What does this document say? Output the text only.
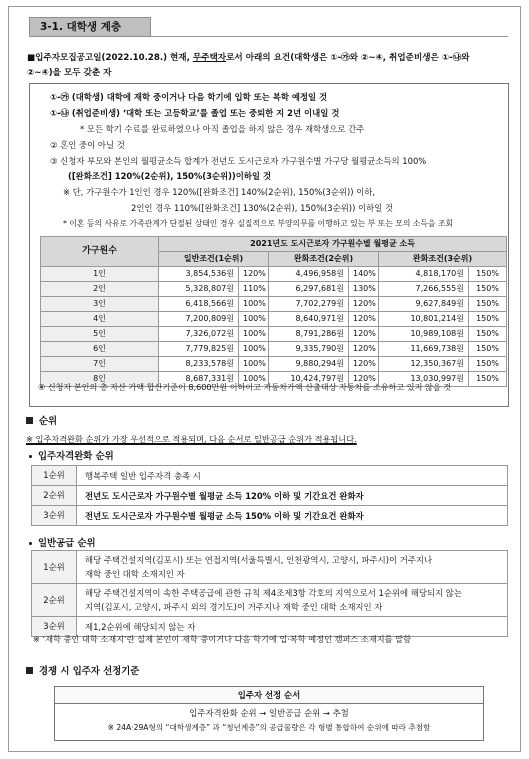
3-1. 대학생 계층
■입주자모집공고일(2022.10.28.) 현재, 무주택자로서 아래의 요건(대학생은 ①-㉮와 ②~④, 취업준비생은 ①-㉯와
②~④)을 모두 갖춘 자
①-㉮ (대학생) 대학에 재학 중이거나 다음 학기에 입학 또는 복학 예정일 것
①-㉯ (취업준비생) ‘대학 또는 고등학교’를 졸업 또는 중퇴한 지 2년 이내일 것
* 모든 학기 수료를 완료하였으나 아직 졸업을 하지 않은 경우 재학생으로 간주
② 혼인 중이 아닐 것
③ 신청자 부모와 본인의 월평균소득 합계가 전년도 도시근로자 가구원수별 가구당 월평균소득의 100%
([완화조건] 120%(2순위), 150%(3순위))이하일 것
※ 단, 가구원수가 1인인 경우 120%([완화조건] 140%(2순위), 150%(3순위)) 이하,
2인인 경우 110%([완화조건] 130%(2순위), 150%(3순위)) 이하일 것
* 이혼 등의 사유로 가족관계가 단절된 상태인 경우 실질적으로 부양의무를 이행하고 있는 부 또는 모의 소득을 조회
가구원수	2021년도 도시근로자 가구원수별 월평균 소득					
	일반조건(1순위)		완화조건(2순위)		완화조건(3순위)	
1인	3,854,536원	120%	4,496,958원	140%	4,818,170원	150%
2인	5,328,807원	110%	6,297,681원	130%	7,266,555원	150%
3인	6,418,566원	100%	7,702,279원	120%	9,627,849원	150%
4인	7,200,809원	100%	8,640,971원	120%	10,801,214원	150%
5인	7,326,072원	100%	8,791,286원	120%	10,989,108원	150%
6인	7,779,825원	100%	9,335,790원	120%	11,669,738원	150%
7인	8,233,578원	100%	9,880,294원	120%	12,350,367원	150%
8인	8,687,331원	100%	10,424,797원	120%	13,030,997원	150%
④ 신청자 본인의 총 자산 가액 합산기준이 8,600만원 이하이고 자동차가액 산출대상 자동차를 소유하고 있지 않을 것
순위
※ 입주자격완화 순위가 가장 우선적으로 적용되며, 다음 순서로 일반공급 순위가 적용됩니다.
입주자격완화 순위
1순위	행복주택 일반 입주자격 충족 시
2순위	전년도 도시근로자 가구원수별 월평균 소득 120% 이하 및 기간요건 완화자
3순위	전년도 도시근로자 가구원수별 월평균 소득 150% 이하 및 기간요건 완화자
일반공급 순위
1순위	해당 주택건설지역(김포시) 또는 연접지역(서울특별시, 인천광역시, 고양시, 파주시)이 거주지나
재학 중인 대학 소재지인 자

2순위	해당 주택건설지역이 속한 주택공급에 관한 규칙 제4조제3항 각호의 지역으로서 1순위에 해당되지 않는
지역(김포시, 고양시, 파주시 외의 경기도)이 거주지나 재학 중인 대학 소재지인 자

3순위	제1,2순위에 해당되지 않는 자
※ ‘재학 중인 대학 소재지’란 실제 본인이 재학 중이거나 다음 학기에 입·복학 예정인 캠퍼스 소재지를 말함
경쟁 시 입주자 선정기준
입주자 선정 순서
입주자격완화 순위 → 일반공급 순위 → 추첨
※ 24A·29A형의 “대학생계층” 과 “청년계층”의 공급물량은 각 형별 통합하여 순위에 따라 추첨함
